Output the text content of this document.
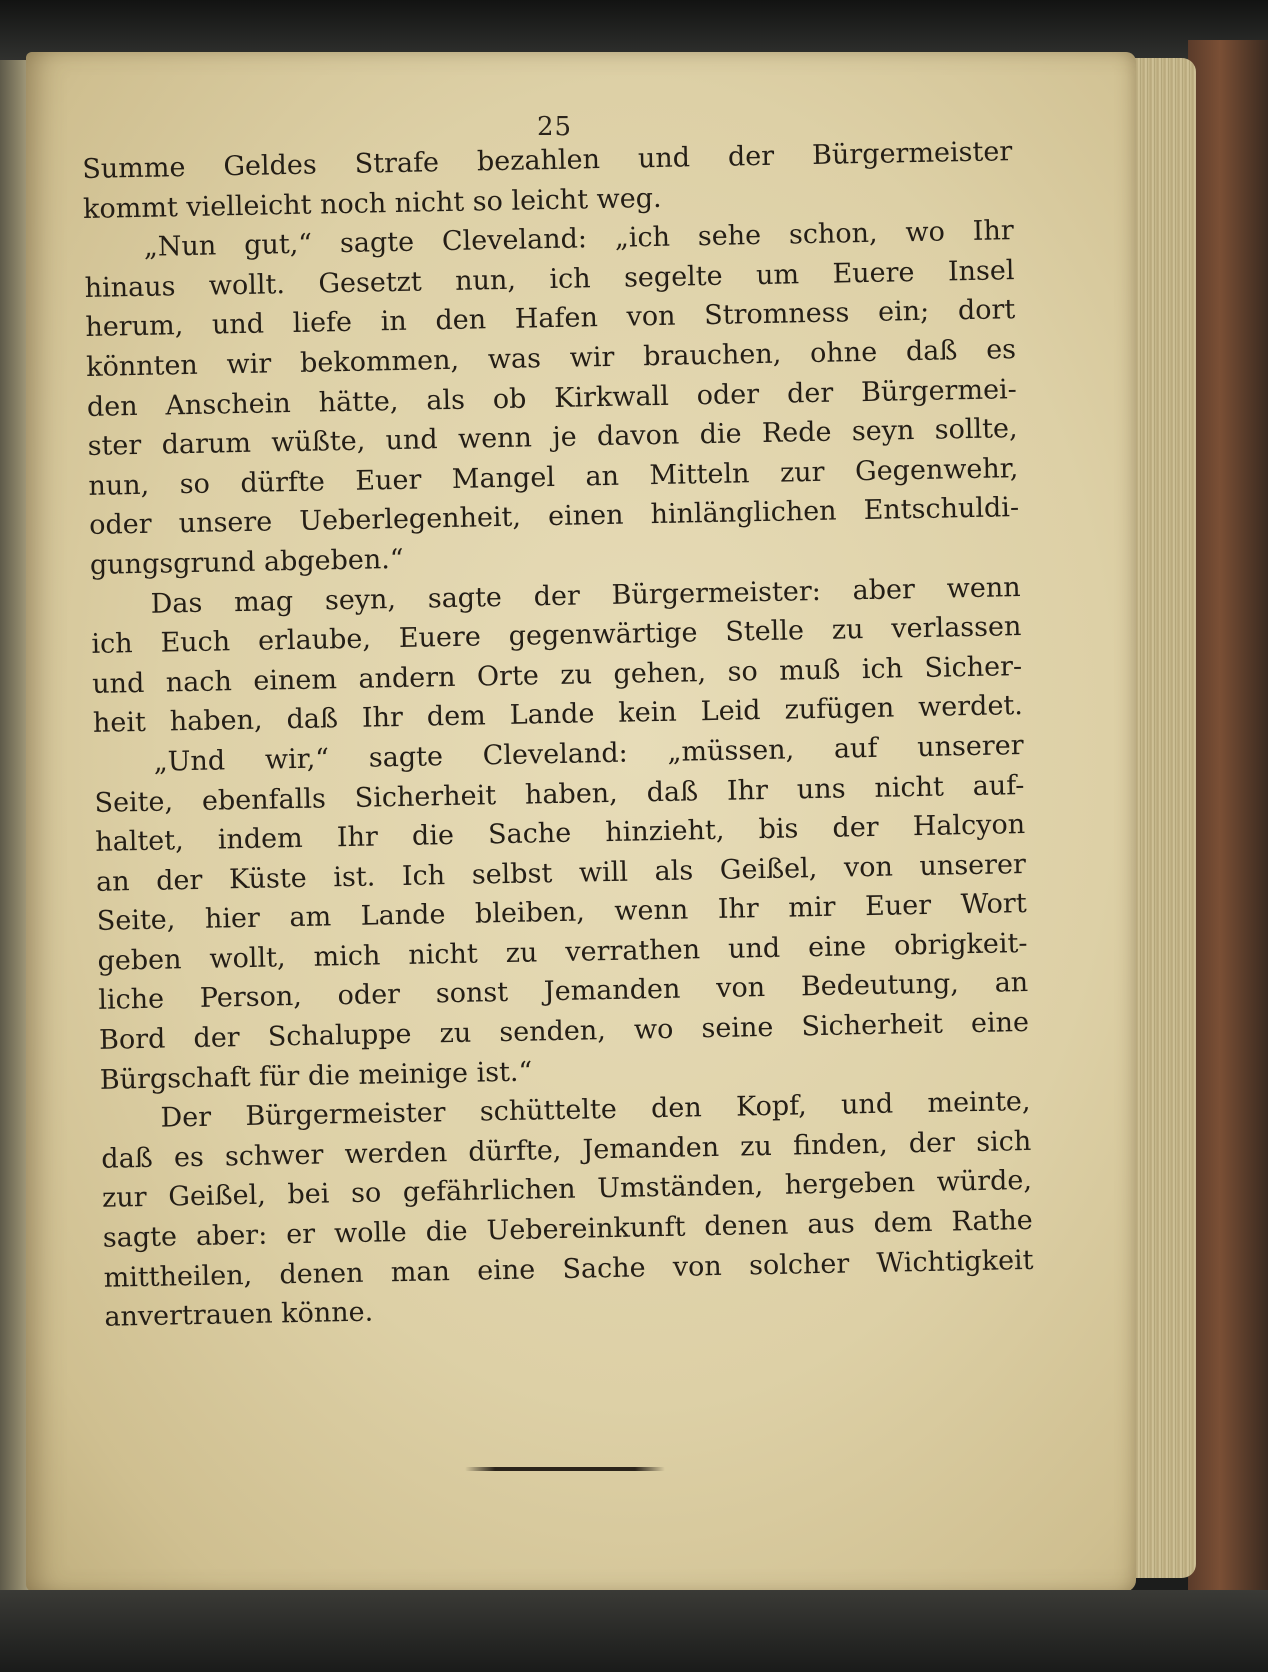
25
Summe Geldes Strafe bezahlen und der Bürgermeister
kommt vielleicht noch nicht so leicht weg.
„Nun gut,“ sagte Cleveland: „ich sehe schon, wo Ihr
hinaus wollt. Gesetzt nun, ich segelte um Euere Insel
herum, und liefe in den Hafen von Stromness ein; dort
könnten wir bekommen, was wir brauchen, ohne daß es
den Anschein hätte, als ob Kirkwall oder der Bürgermei-
ster darum wüßte, und wenn je davon die Rede seyn sollte,
nun, so dürfte Euer Mangel an Mitteln zur Gegenwehr,
oder unsere Ueberlegenheit, einen hinlänglichen Entschuldi-
gungsgrund abgeben.“
Das mag seyn, sagte der Bürgermeister: aber wenn
ich Euch erlaube, Euere gegenwärtige Stelle zu verlassen
und nach einem andern Orte zu gehen, so muß ich Sicher-
heit haben, daß Ihr dem Lande kein Leid zufügen werdet.
„Und wir,“ sagte Cleveland: „müssen, auf unserer
Seite, ebenfalls Sicherheit haben, daß Ihr uns nicht auf-
haltet, indem Ihr die Sache hinzieht, bis der Halcyon
an der Küste ist. Ich selbst will als Geißel, von unserer
Seite, hier am Lande bleiben, wenn Ihr mir Euer Wort
geben wollt, mich nicht zu verrathen und eine obrigkeit-
liche Person, oder sonst Jemanden von Bedeutung, an
Bord der Schaluppe zu senden, wo seine Sicherheit eine
Bürgschaft für die meinige ist.“
Der Bürgermeister schüttelte den Kopf, und meinte,
daß es schwer werden dürfte, Jemanden zu finden, der sich
zur Geißel, bei so gefährlichen Umständen, hergeben würde,
sagte aber: er wolle die Uebereinkunft denen aus dem Rathe
mittheilen, denen man eine Sache von solcher Wichtigkeit
anvertrauen könne.
